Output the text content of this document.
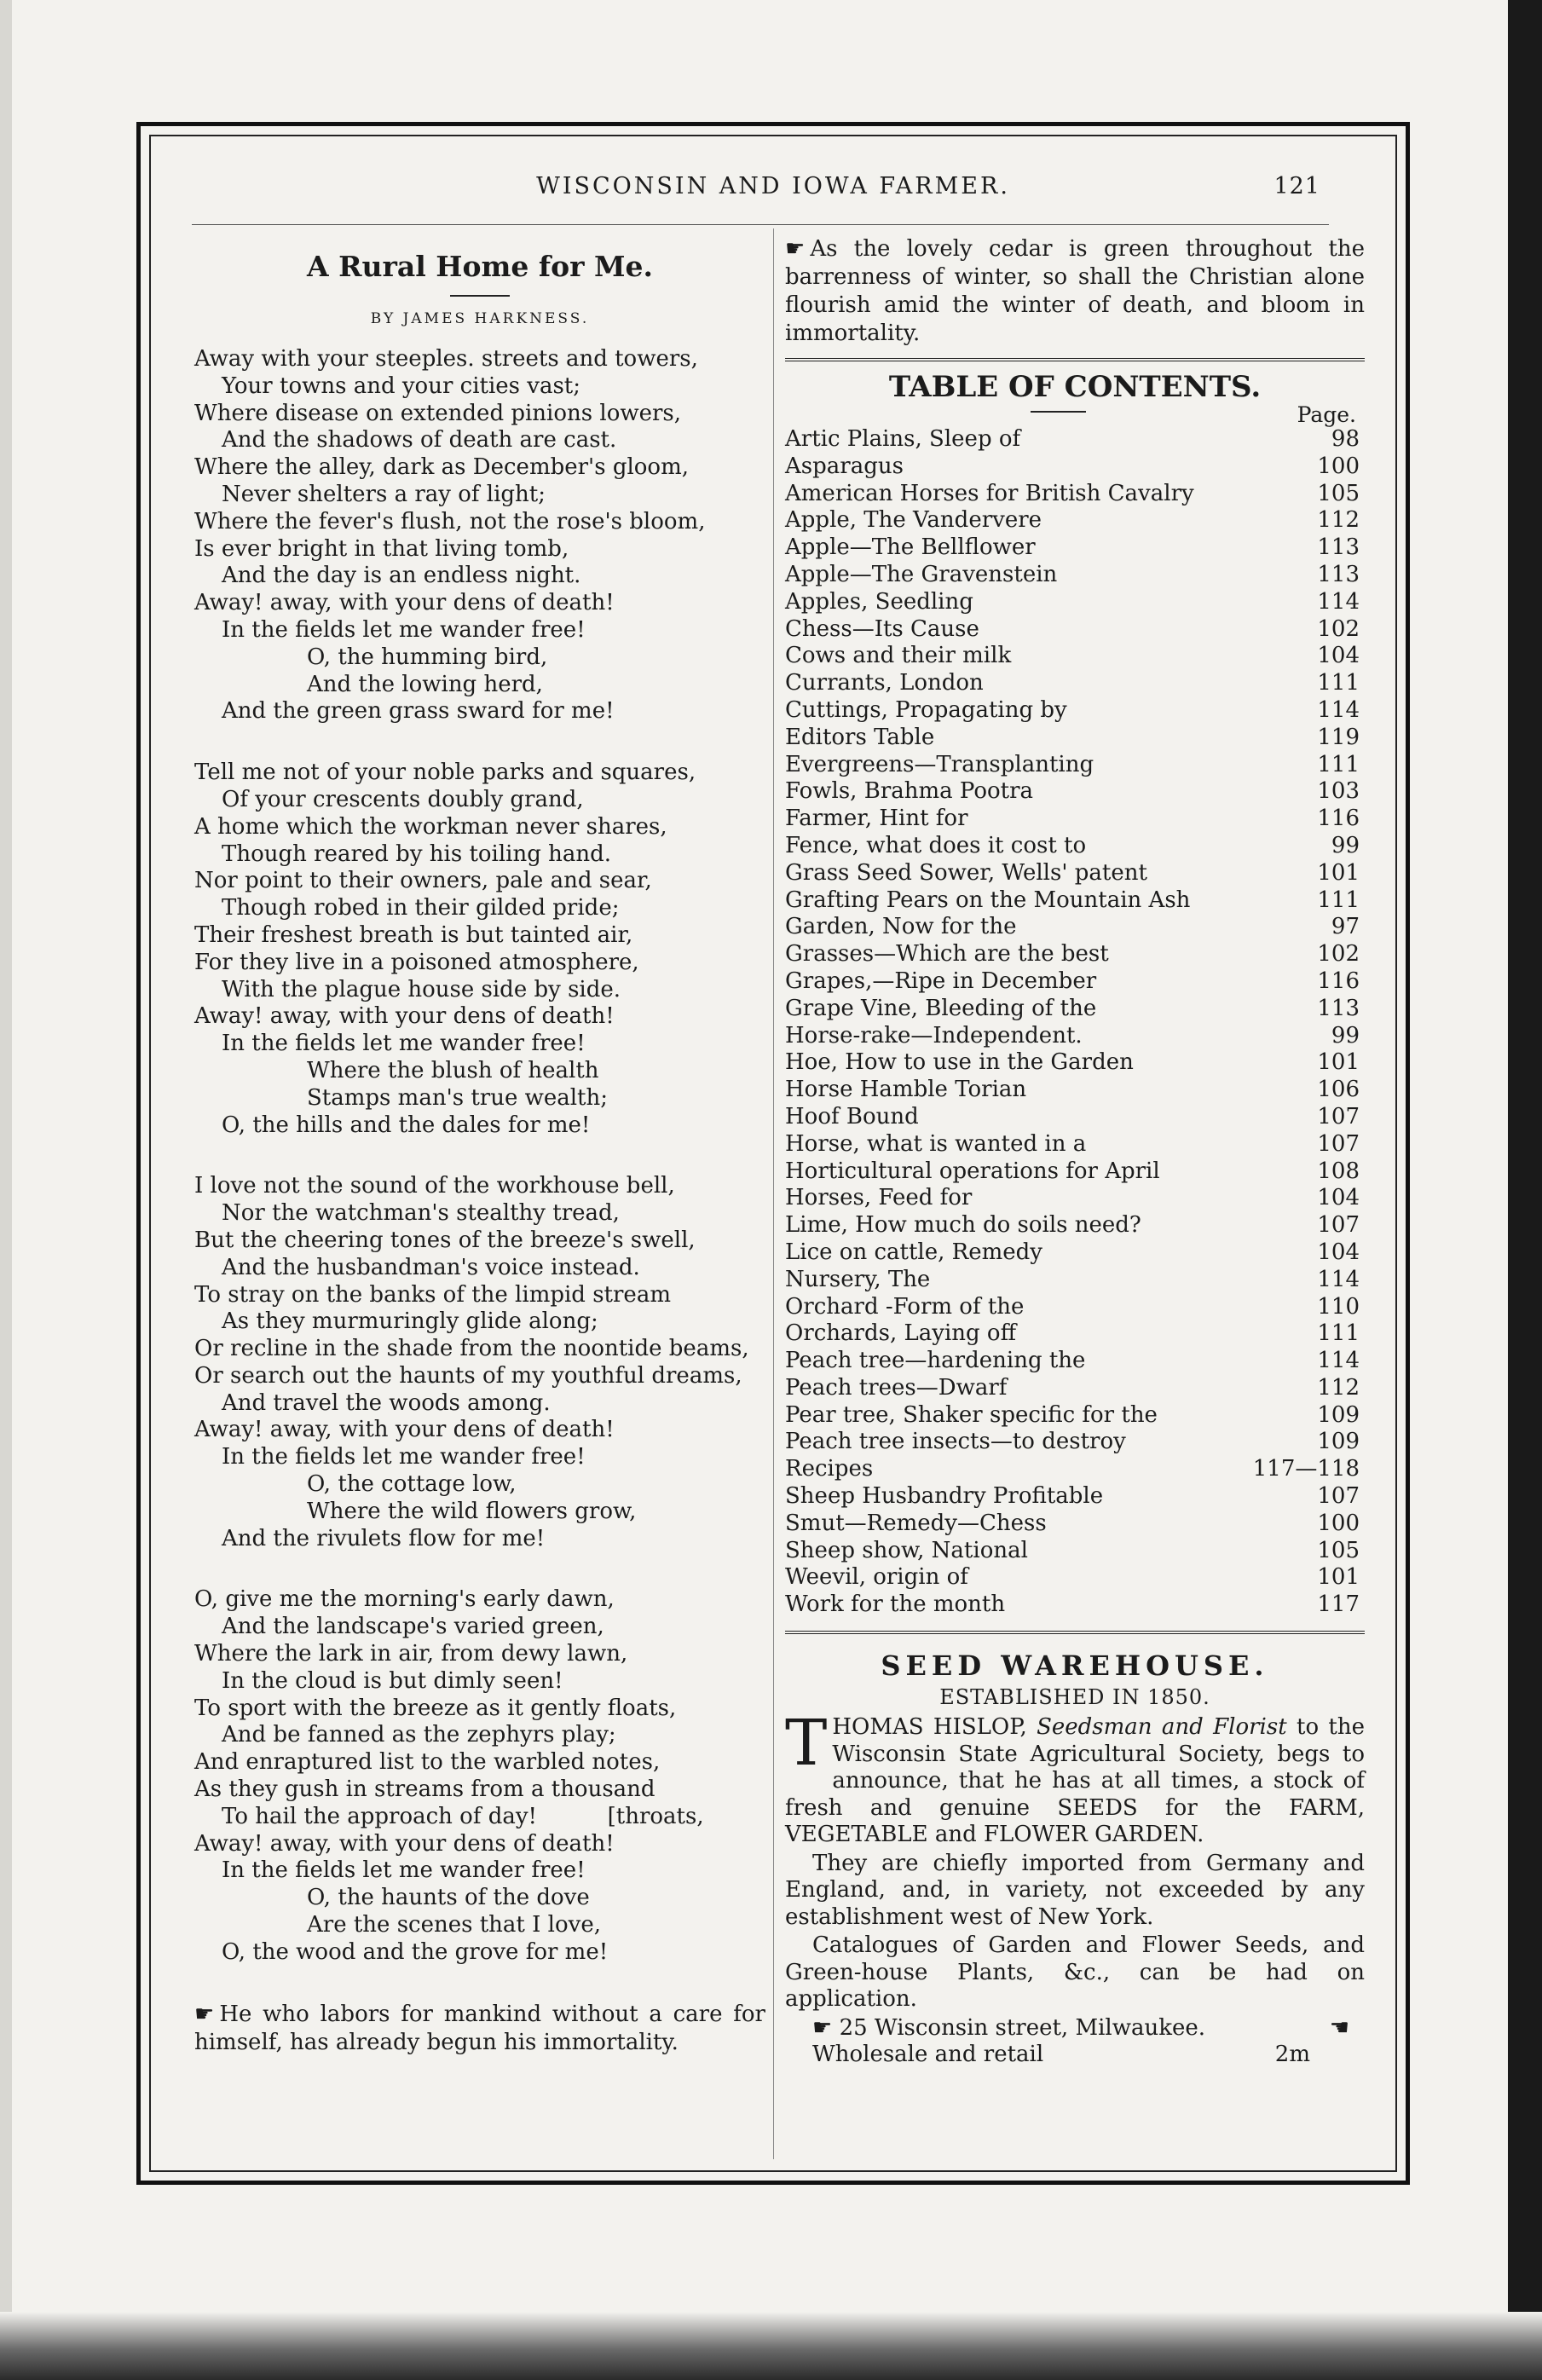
WISCONSIN AND IOWA FARMER.	121
A Rural Home for Me.

BY JAMES HARKNESS.

Away with your steeples. streets and towers,
Your towns and your cities vast;
Where disease on extended pinions lowers,
And the shadows of death are cast.
Where the alley, dark as December's gloom,
Never shelters a ray of light;
Where the fever's flush, not the rose's bloom,
Is ever bright in that living tomb,
And the day is an endless night.
Away! away, with your dens of death!
In the fields let me wander free!
O, the humming bird,
And the lowing herd,
And the green grass sward for me!
Tell me not of your noble parks and squares,
Of your crescents doubly grand,
A home which the workman never shares,
Though reared by his toiling hand.
Nor point to their owners, pale and sear,
Though robed in their gilded pride;
Their freshest breath is but tainted air,
For they live in a poisoned atmosphere,
With the plague house side by side.
Away! away, with your dens of death!
In the fields let me wander free!
Where the blush of health
Stamps man's true wealth;
O, the hills and the dales for me!
I love not the sound of the workhouse bell,
Nor the watchman's stealthy tread,
But the cheering tones of the breeze's swell,
And the husbandman's voice instead.
To stray on the banks of the limpid stream
As they murmuringly glide along;
Or recline in the shade from the noontide beams,
Or search out the haunts of my youthful dreams,
And travel the woods among.
Away! away, with your dens of death!
In the fields let me wander free!
O, the cottage low,
Where the wild flowers grow,
And the rivulets flow for me!
O, give me the morning's early dawn,
And the landscape's varied green,
Where the lark in air, from dewy lawn,
In the cloud is but dimly seen!
To sport with the breeze as it gently floats,
And be fanned as the zephyrs play;
And enraptured list to the warbled notes,
As they gush in streams from a thousand
To hail the approach of day!          [throats,
Away! away, with your dens of death!
In the fields let me wander free!
O, the haunts of the dove
Are the scenes that I love,
O, the wood and the grove for me!

☛ He who labors for mankind without a care for himself, has already begun his immortality.

☛ As the lovely cedar is green throughout the barrenness of winter, so shall the Christian alone flourish amid the winter of death, and bloom in immortality.

TABLE OF CONTENTS.
Page.
Artic Plains, Sleep of	98
Asparagus	100
American Horses for British Cavalry	105
Apple, The Vandervere	112
Apple—The Bellflower	113
Apple—The Gravenstein	113
Apples, Seedling	114
Chess—Its Cause	102
Cows and their milk	104
Currants, London	111
Cuttings, Propagating by	114
Editors Table	119
Evergreens—Transplanting	111
Fowls, Brahma Pootra	103
Farmer, Hint for	116
Fence, what does it cost to	99
Grass Seed Sower, Wells' patent	101
Grafting Pears on the Mountain Ash	111
Garden, Now for the	97
Grasses—Which are the best	102
Grapes,—Ripe in December	116
Grape Vine, Bleeding of the	113
Horse-rake—Independent.	99
Hoe, How to use in the Garden	101
Horse Hamble Torian	106
Hoof Bound	107
Horse, what is wanted in a	107
Horticultural operations for April	108
Horses, Feed for	104
Lime, How much do soils need?	107
Lice on cattle, Remedy	104
Nursery, The	114
Orchard -Form of the	110
Orchards, Laying off	111
Peach tree—hardening the	114
Peach trees—Dwarf	112
Pear tree, Shaker specific for the	109
Peach tree insects—to destroy	109
Recipes	117—118
Sheep Husbandry Profitable	107
Smut—Remedy—Chess	100
Sheep show, National	105
Weevil, origin of	101
Work for the month	117
SEED WAREHOUSE.

ESTABLISHED IN 1850.

THOMAS HISLOP, Seedsman and Florist to the Wisconsin State Agricultural Society, begs to announce, that he has at all times, a stock of fresh and genuine SEEDS for the FARM, VEGETABLE and FLOWER GARDEN.

They are chiefly imported from Germany and England, and, in variety, not exceeded by any establishment west of New York.

Catalogues of Garden and Flower Seeds, and Green-house Plants, &c., can be had on application.

☛ 25 Wisconsin street, Milwaukee.	☚
Wholesale and retail	2m
